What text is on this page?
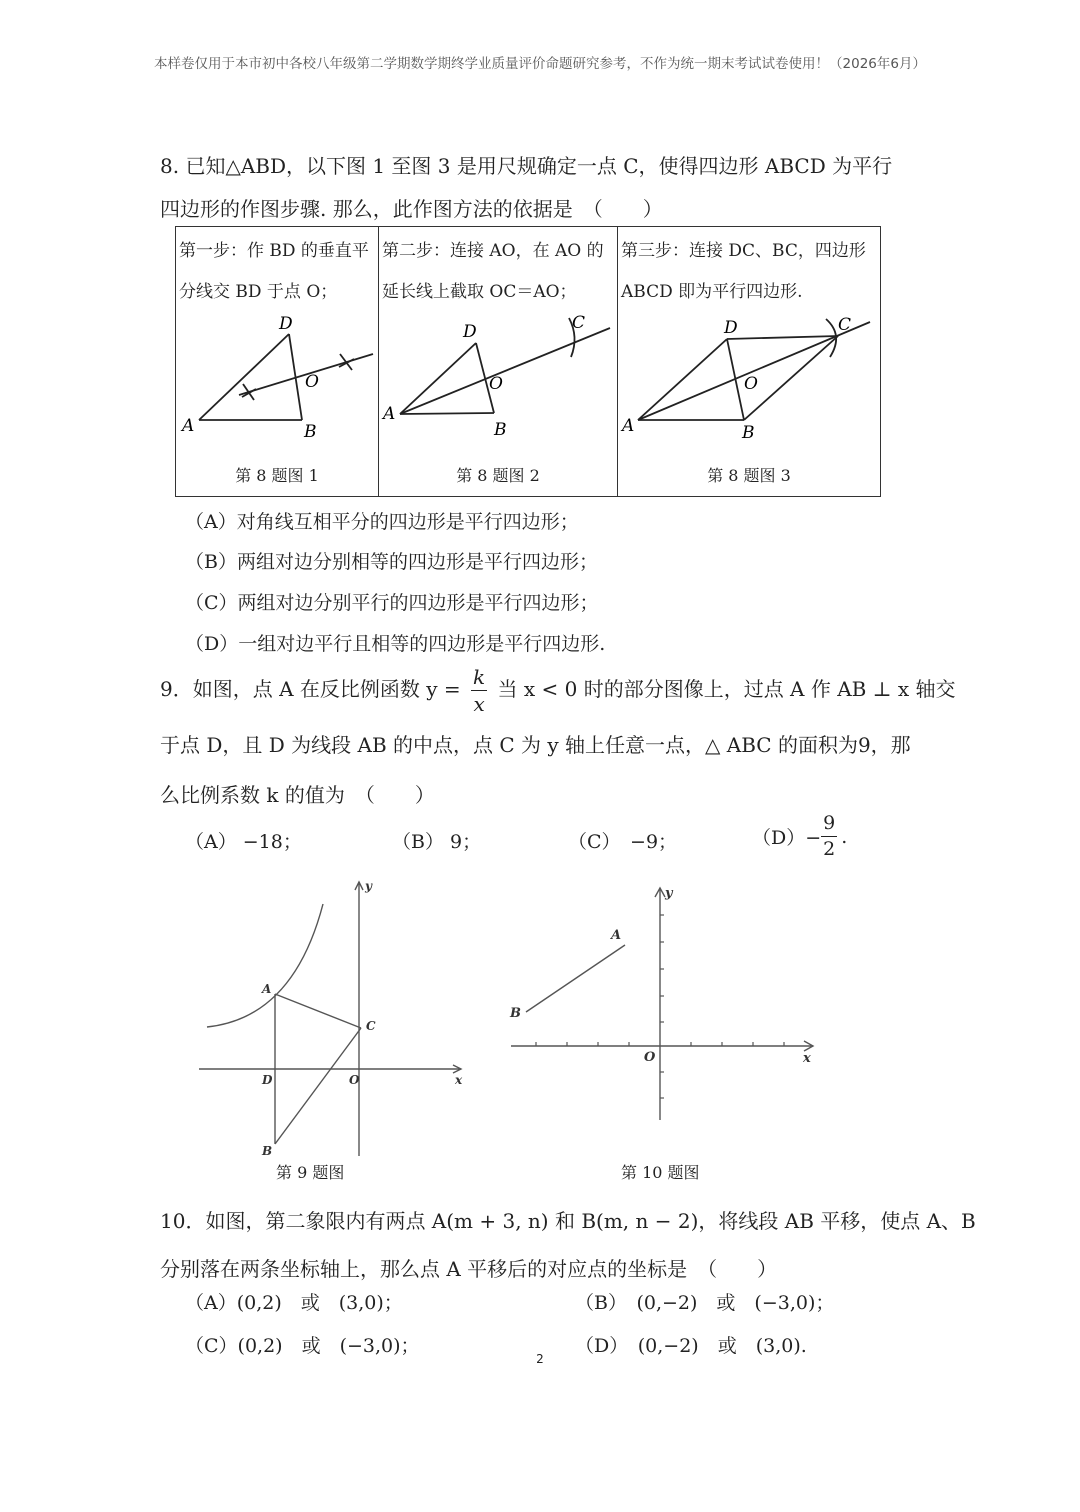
本样卷仅用于本市初中各校八年级第二学期数学期终学业质量评价命题研究参考，不作为统一期末考试试卷使用！（2026年6月）
8. 已知△ABD，以下图 1 至图 3 是用尺规确定一点 C，使得四边形 ABCD 为平行
四边形的作图步骤. 那么，此作图方法的依据是　（　　）
第一步：作 BD 的垂直平分线交 BD 于点 O；
A	B
D
O
第 8 题图 1

第二步：连接 AO，在 AO 的延长线上截取 OC＝AO；
A
B
D
O
C
第 8 题图 2

第三步：连接 DC、BC，四边形 ABCD 即为平行四边形.
A	B
D
O
C
第 8 题图 3
（A）对角线互相平分的四边形是平行四边形；
（B）两组对边分别相等的四边形是平行四边形；
（C）两组对边分别平行的四边形是平行四边形；
（D）一组对边平行且相等的四边形是平行四边形.
9．如图，点 A 在反比例函数 $y = \frac{k}{x}$ 当 x < 0 时的部分图像上，过点 A 作 AB ⊥ x 轴交
于点 D，且 D 为线段 AB 的中点，点 C 为 y 轴上任意一点，△ ABC 的面积为9，那
么比例系数 k 的值为　（　　）
（A） −18；	（B） 9；	（C）　−9；	$(D)- \frac{9}{2}$ .
A
B
C
D	O	x
y
第 9 题图
A
B
O	x
y
第 10 题图
10．如图，第二象限内有两点 A(m + 3, n) 和 B(m, n − 2)，将线段 AB 平移，使点 A、B
分别落在两条坐标轴上，那么点 A 平移后的对应点的坐标是　（　　）
（A）(0,2)　或　(3,0)；	（B）　(0,−2)　或　(−3,0)；
（C）(0,2)　或　(−3,0)；	（D）　(0,−2)　或　(3,0).
2
